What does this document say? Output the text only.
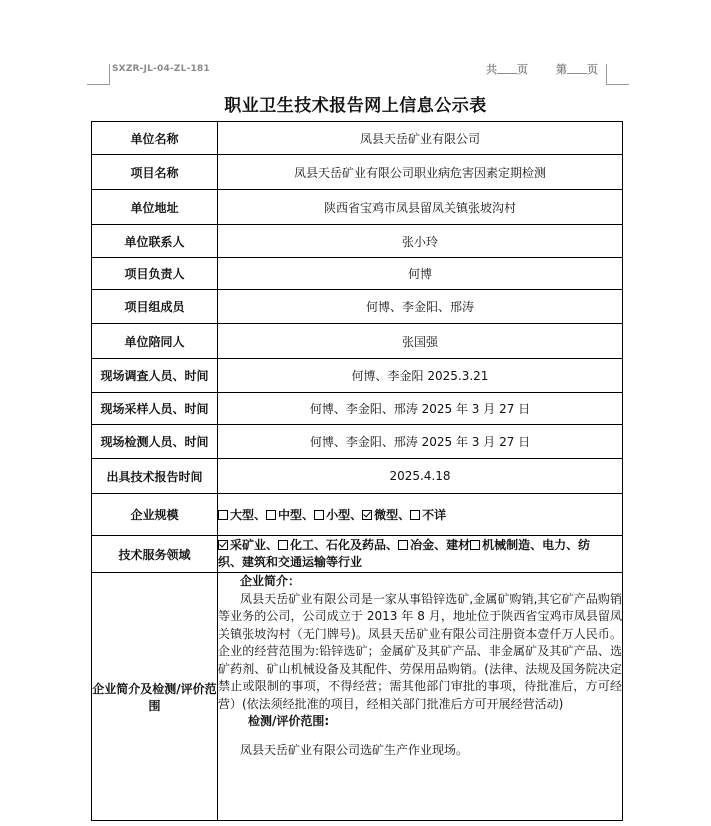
SXZR-JL-04-ZL-181	共 页	第 页
职业卫生技术报告网上信息公示表
单位名称	凤县天岳矿业有限公司
项目名称	凤县天岳矿业有限公司职业病危害因素定期检测
单位地址	陕西省宝鸡市凤县留凤关镇张坡沟村
单位联系人	张小玲
项目负责人	何博
项目组成员	何博、李金阳、邢涛
单位陪同人	张国强
现场调查人员、时间	何博、李金阳 2025.3.21
现场采样人员、时间	何博、李金阳、邢涛 2025 年 3 月 27 日
现场检测人员、时间	何博、李金阳、邢涛 2025 年 3 月 27 日
出具技术报告时间	2025.4.18
企业规模	大型、 中型、 小型、 微型、 不详
技术服务领域	采矿业、 化工、石化及药品、 冶金、建材 机械制造、电力、纺
织、建筑和交通运输等行业
企业简介及检测/评价范围	企业简介：

凤县天岳矿业有限公司是一家从事铅锌选矿,金属矿购销,其它矿产品购销等业务的公司，公司成立于 2013 年 8 月，地址位于陕西省宝鸡市凤县留凤关镇张坡沟村（无门牌号)。凤县天岳矿业有限公司注册资本壹仟万人民币。企业的经营范围为:铅锌选矿；金属矿及其矿产品、非金属矿及其矿产品、选矿药剂、矿山机械设备及其配件、劳保用品购销。(法律、法规及国务院决定禁止或限制的事项，不得经营；需其他部门审批的事项，待批准后，方可经营）(依法须经批准的项目，经相关部门批准后方可开展经营活动)

检测/评价范围:

凤县天岳矿业有限公司选矿生产作业现场。
